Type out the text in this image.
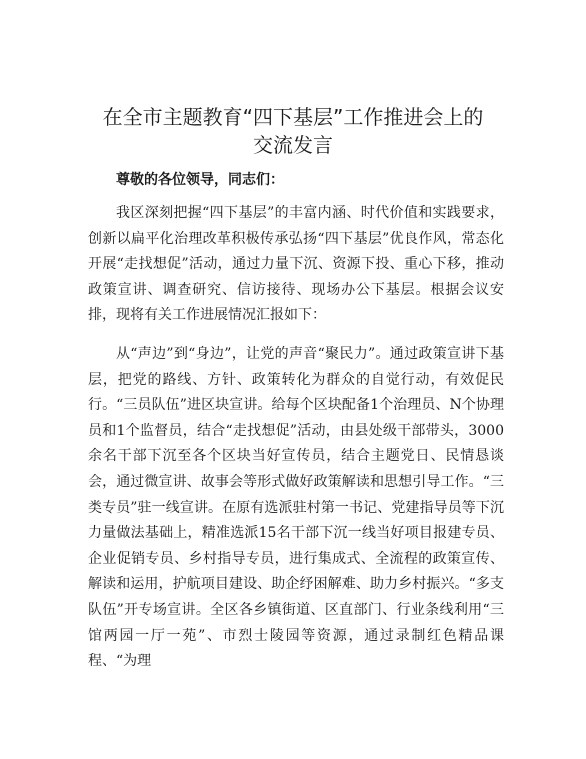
在全市主题教育“四下基层”工作推进会上的
交流发言

尊敬的各位领导，同志们：

我区深刻把握“四下基层”的丰富内涵、时代价值和实践要求，创新以扁平化治理改革积极传承弘扬“四下基层”优良作风，常态化开展“走找想促”活动，通过力量下沉、资源下投、重心下移，推动政策宣讲、调查研究、信访接待、现场办公下基层。根据会议安排，现将有关工作进展情况汇报如下：

从“声边”到“身边”，让党的声音“聚民力”。通过政策宣讲下基层，把党的路线、方针、政策转化为群众的自觉行动，有效促民行。“三员队伍”进区块宣讲。给每个区块配备1个治理员、N个协理员和1个监督员，结合“走找想促”活动，由县处级干部带头，3000余名干部下沉至各个区块当好宣传员，结合主题党日、民情恳谈会，通过微宣讲、故事会等形式做好政策解读和思想引导工作。“三类专员”驻一线宣讲。在原有选派驻村第一书记、党建指导员等下沉力量做法基础上，精准选派15名干部下沉一线当好项目报建专员、企业促销专员、乡村指导专员，进行集成式、全流程的政策宣传、解读和运用，护航项目建设、助企纾困解难、助力乡村振兴。“多支队伍”开专场宣讲。全区各乡镇街道、区直部门、行业条线利用“三馆两园一厅一苑”、市烈士陵园等资源，通过录制红色精品课程、“为理
